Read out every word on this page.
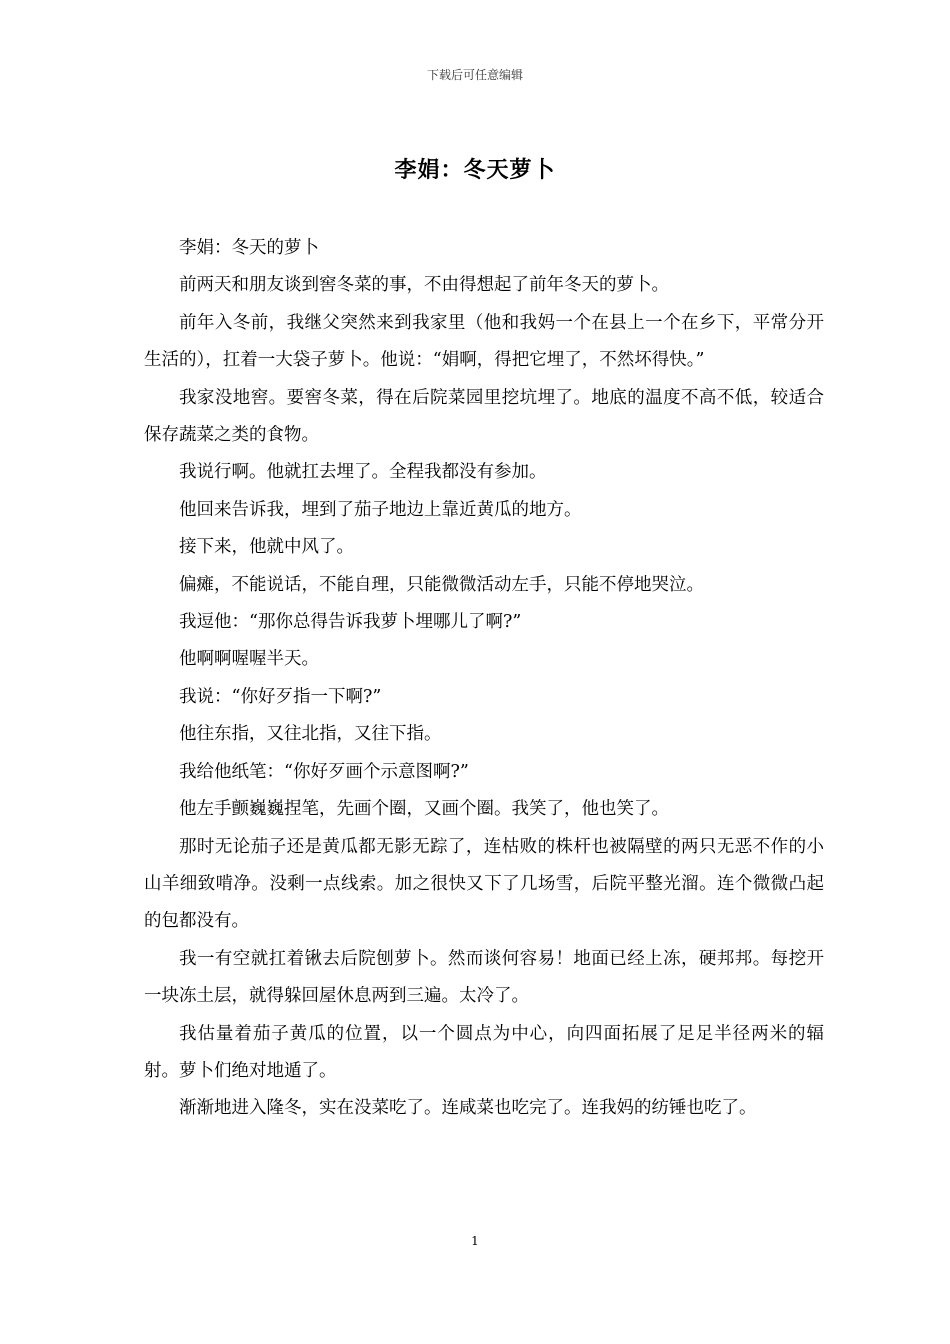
下载后可任意编辑
李娟：冬天萝卜

李娟：冬天的萝卜

前两天和朋友谈到窖冬菜的事，不由得想起了前年冬天的萝卜。

前年入冬前，我继父突然来到我家里（他和我妈一个在县上一个在乡下，平常分开生活的），扛着一大袋子萝卜。他说：“娟啊，得把它埋了，不然坏得快。”

我家没地窖。要窖冬菜，得在后院菜园里挖坑埋了。地底的温度不高不低，较适合保存蔬菜之类的食物。

我说行啊。他就扛去埋了。全程我都没有参加。

他回来告诉我，埋到了茄子地边上靠近黄瓜的地方。

接下来，他就中风了。

偏瘫，不能说话，不能自理，只能微微活动左手，只能不停地哭泣。

我逗他：“那你总得告诉我萝卜埋哪儿了啊?”

他啊啊喔喔半天。

我说：“你好歹指一下啊?”

他往东指，又往北指，又往下指。

我给他纸笔：“你好歹画个示意图啊?”

他左手颤巍巍捏笔，先画个圈，又画个圈。我笑了，他也笑了。

那时无论茄子还是黄瓜都无影无踪了，连枯败的株杆也被隔壁的两只无恶不作的小山羊细致啃净。没剩一点线索。加之很快又下了几场雪，后院平整光溜。连个微微凸起的包都没有。

我一有空就扛着锹去后院刨萝卜。然而谈何容易！地面已经上冻，硬邦邦。每挖开一块冻土层，就得躲回屋休息两到三遍。太冷了。

我估量着茄子黄瓜的位置，以一个圆点为中心，向四面拓展了足足半径两米的辐射。萝卜们绝对地遁了。

渐渐地进入隆冬，实在没菜吃了。连咸菜也吃完了。连我妈的纺锤也吃了。

1
